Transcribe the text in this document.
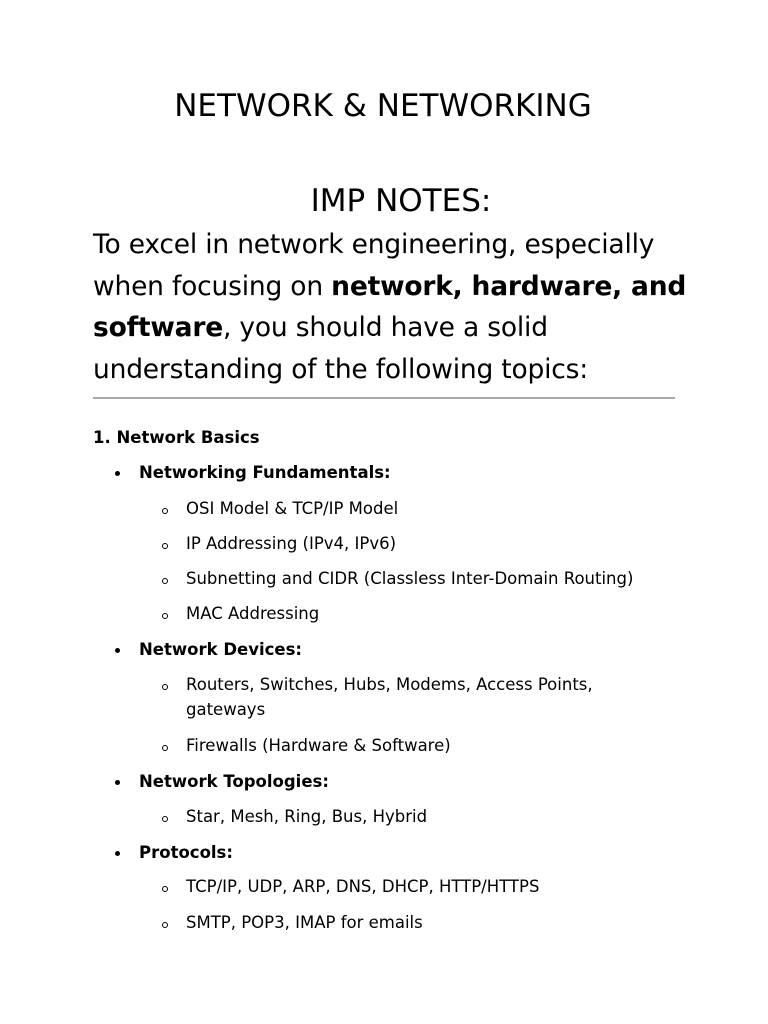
NETWORK & NETWORKING
IMP NOTES:

To excel in network engineering, especially when focusing on network, hardware, and software, you should have a solid understanding of the following topics:

1. Network Basics

Networking Fundamentals:

OSI Model & TCP/IP Model

IP Addressing (IPv4, IPv6)

Subnetting and CIDR (Classless Inter-Domain Routing)

MAC Addressing

Network Devices:

Routers, Switches, Hubs, Modems, Access Points, gateways

Firewalls (Hardware & Software)

Network Topologies:

Star, Mesh, Ring, Bus, Hybrid

Protocols:

TCP/IP, UDP, ARP, DNS, DHCP, HTTP/HTTPS

SMTP, POP3, IMAP for emails
